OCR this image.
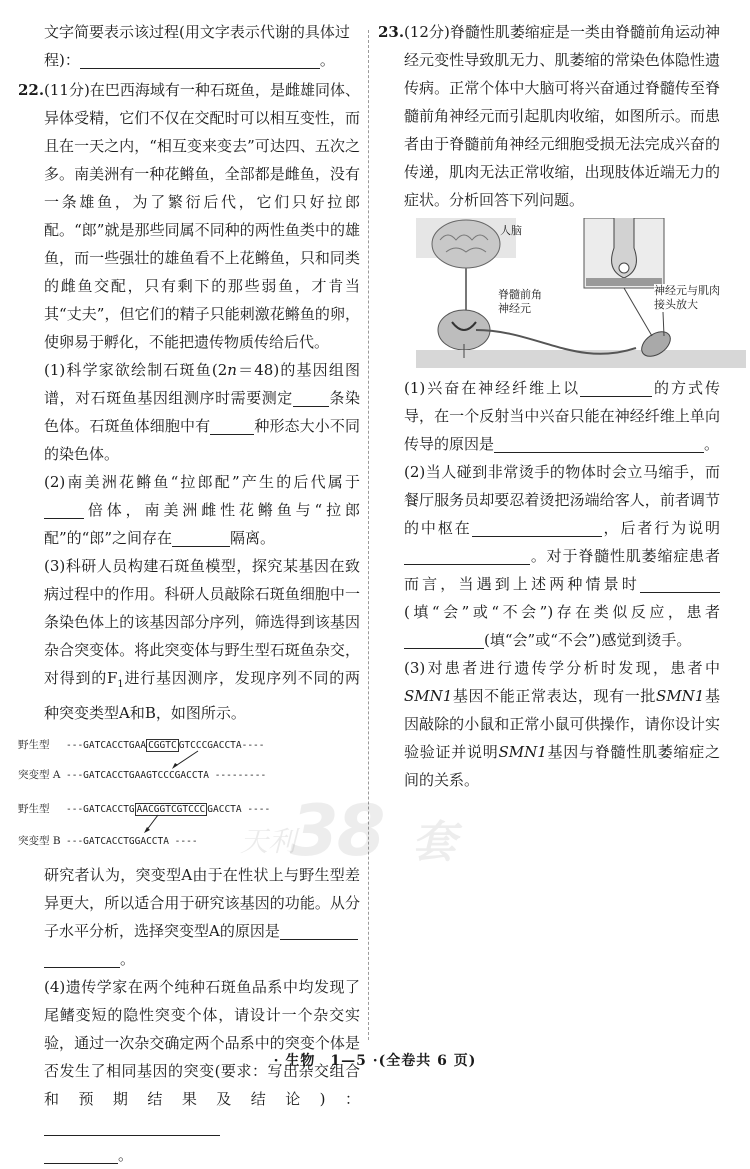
文字简要表示该过程(用文字表示代谢的具体过
程)：	。

22.(11分)在巴西海域有一种石斑鱼，是雌雄同体、异体受精，它们不仅在交配时可以相互变性，而且在一天之内，“相互变来变去”可达四、五次之多。南美洲有一种花鳉鱼，全部都是雌鱼，没有一条雄鱼，为了繁衍后代，它们只好拉郎配。“郎”就是那些同属不同种的两性鱼类中的雄鱼，而一些强壮的雄鱼看不上花鳉鱼，只和同类的雌鱼交配，只有剩下的那些弱鱼，才肯当其“丈夫”，但它们的精子只能刺激花鳉鱼的卵，使卵易于孵化，不能把遗传物质传给后代。

(1)科学家欲绘制石斑鱼(2n＝48)的基因组图谱，对石斑鱼基因组测序时需要测定 条染色体。石斑鱼体细胞中有	种形态大小不同的染色体。

(2)南美洲花鳉鱼“拉郎配”产生的后代属于倍体，南美洲雌性花鳉鱼与“拉郎配”的“郎”之间存在	隔离。

(3)科研人员构建石斑鱼模型，探究某基因在致病过程中的作用。科研人员敲除石斑鱼细胞中一条染色体上的该基因部分序列，筛选得到该基因杂合突变体。将此突变体与野生型石斑鱼杂交，对得到的$F_1$进行基因测序，发现序列不同的两种突变类型A和B，如图所示。

野生型 ---GATCACCTGAA CGGTC GTCCCGACCTA----
突变型 A ---GATCACCTGAAGTCCCGACCTA ---------
野生型 ---GATCACCTG AACGGTCGTCCC GACCTA ----
突变型 B ---GATCACCTGGACCTA ----

研究者认为，突变型A由于在性状上与野生型差异更大，所以适合用于研究该基因的功能。从分子水平分析，选择突变型A的原因是
。

(4)遗传学家在两个纯种石斑鱼品系中均发现了尾鳍变短的隐性突变个体，请设计一个杂交实验，通过一次杂交确定两个品系中的突变个体是否发生了相同基因的突变(要求：写出杂交组合和预期结果及结论)：
。

23.(12分)脊髓性肌萎缩症是一类由脊髓前角运动神经元变性导致肌无力、肌萎缩的常染色体隐性遗传病。正常个体中大脑可将兴奋通过脊髓传至脊髓前角神经元而引起肌肉收缩，如图所示。而患者由于脊髓前角神经元细胞受损无法完成兴奋的传递，肌肉无法正常收缩，出现肢体近端无力的症状。分析回答下列问题。

人脑
脊髓前角
神经元
神经元与肌肉
接头放大

(1)兴奋在神经纤维上以	的方式传导，在一个反射当中兴奋只能在神经纤维上单向传导的原因是	。

(2)当人碰到非常烫手的物体时会立马缩手，而餐厅服务员却要忍着烫把汤端给客人，前者调节的中枢在	，后者行为说明。对于脊髓性肌萎缩症患者而言，当遇到上述两种情景时(填“会”或“不会”)存在类似反应，患者(填“会”或“不会”)感觉到烫手。

(3)对患者进行遗传学分析时发现，患者中SMN1基因不能正常表达，现有一批SMN1基因敲除的小鼠和正常小鼠可供操作，请你设计实验验证并说明SMN1基因与脊髓性肌萎缩症之间的关系。

天利
38 套
· 生物　1—5 ·(全卷共 6 页)
